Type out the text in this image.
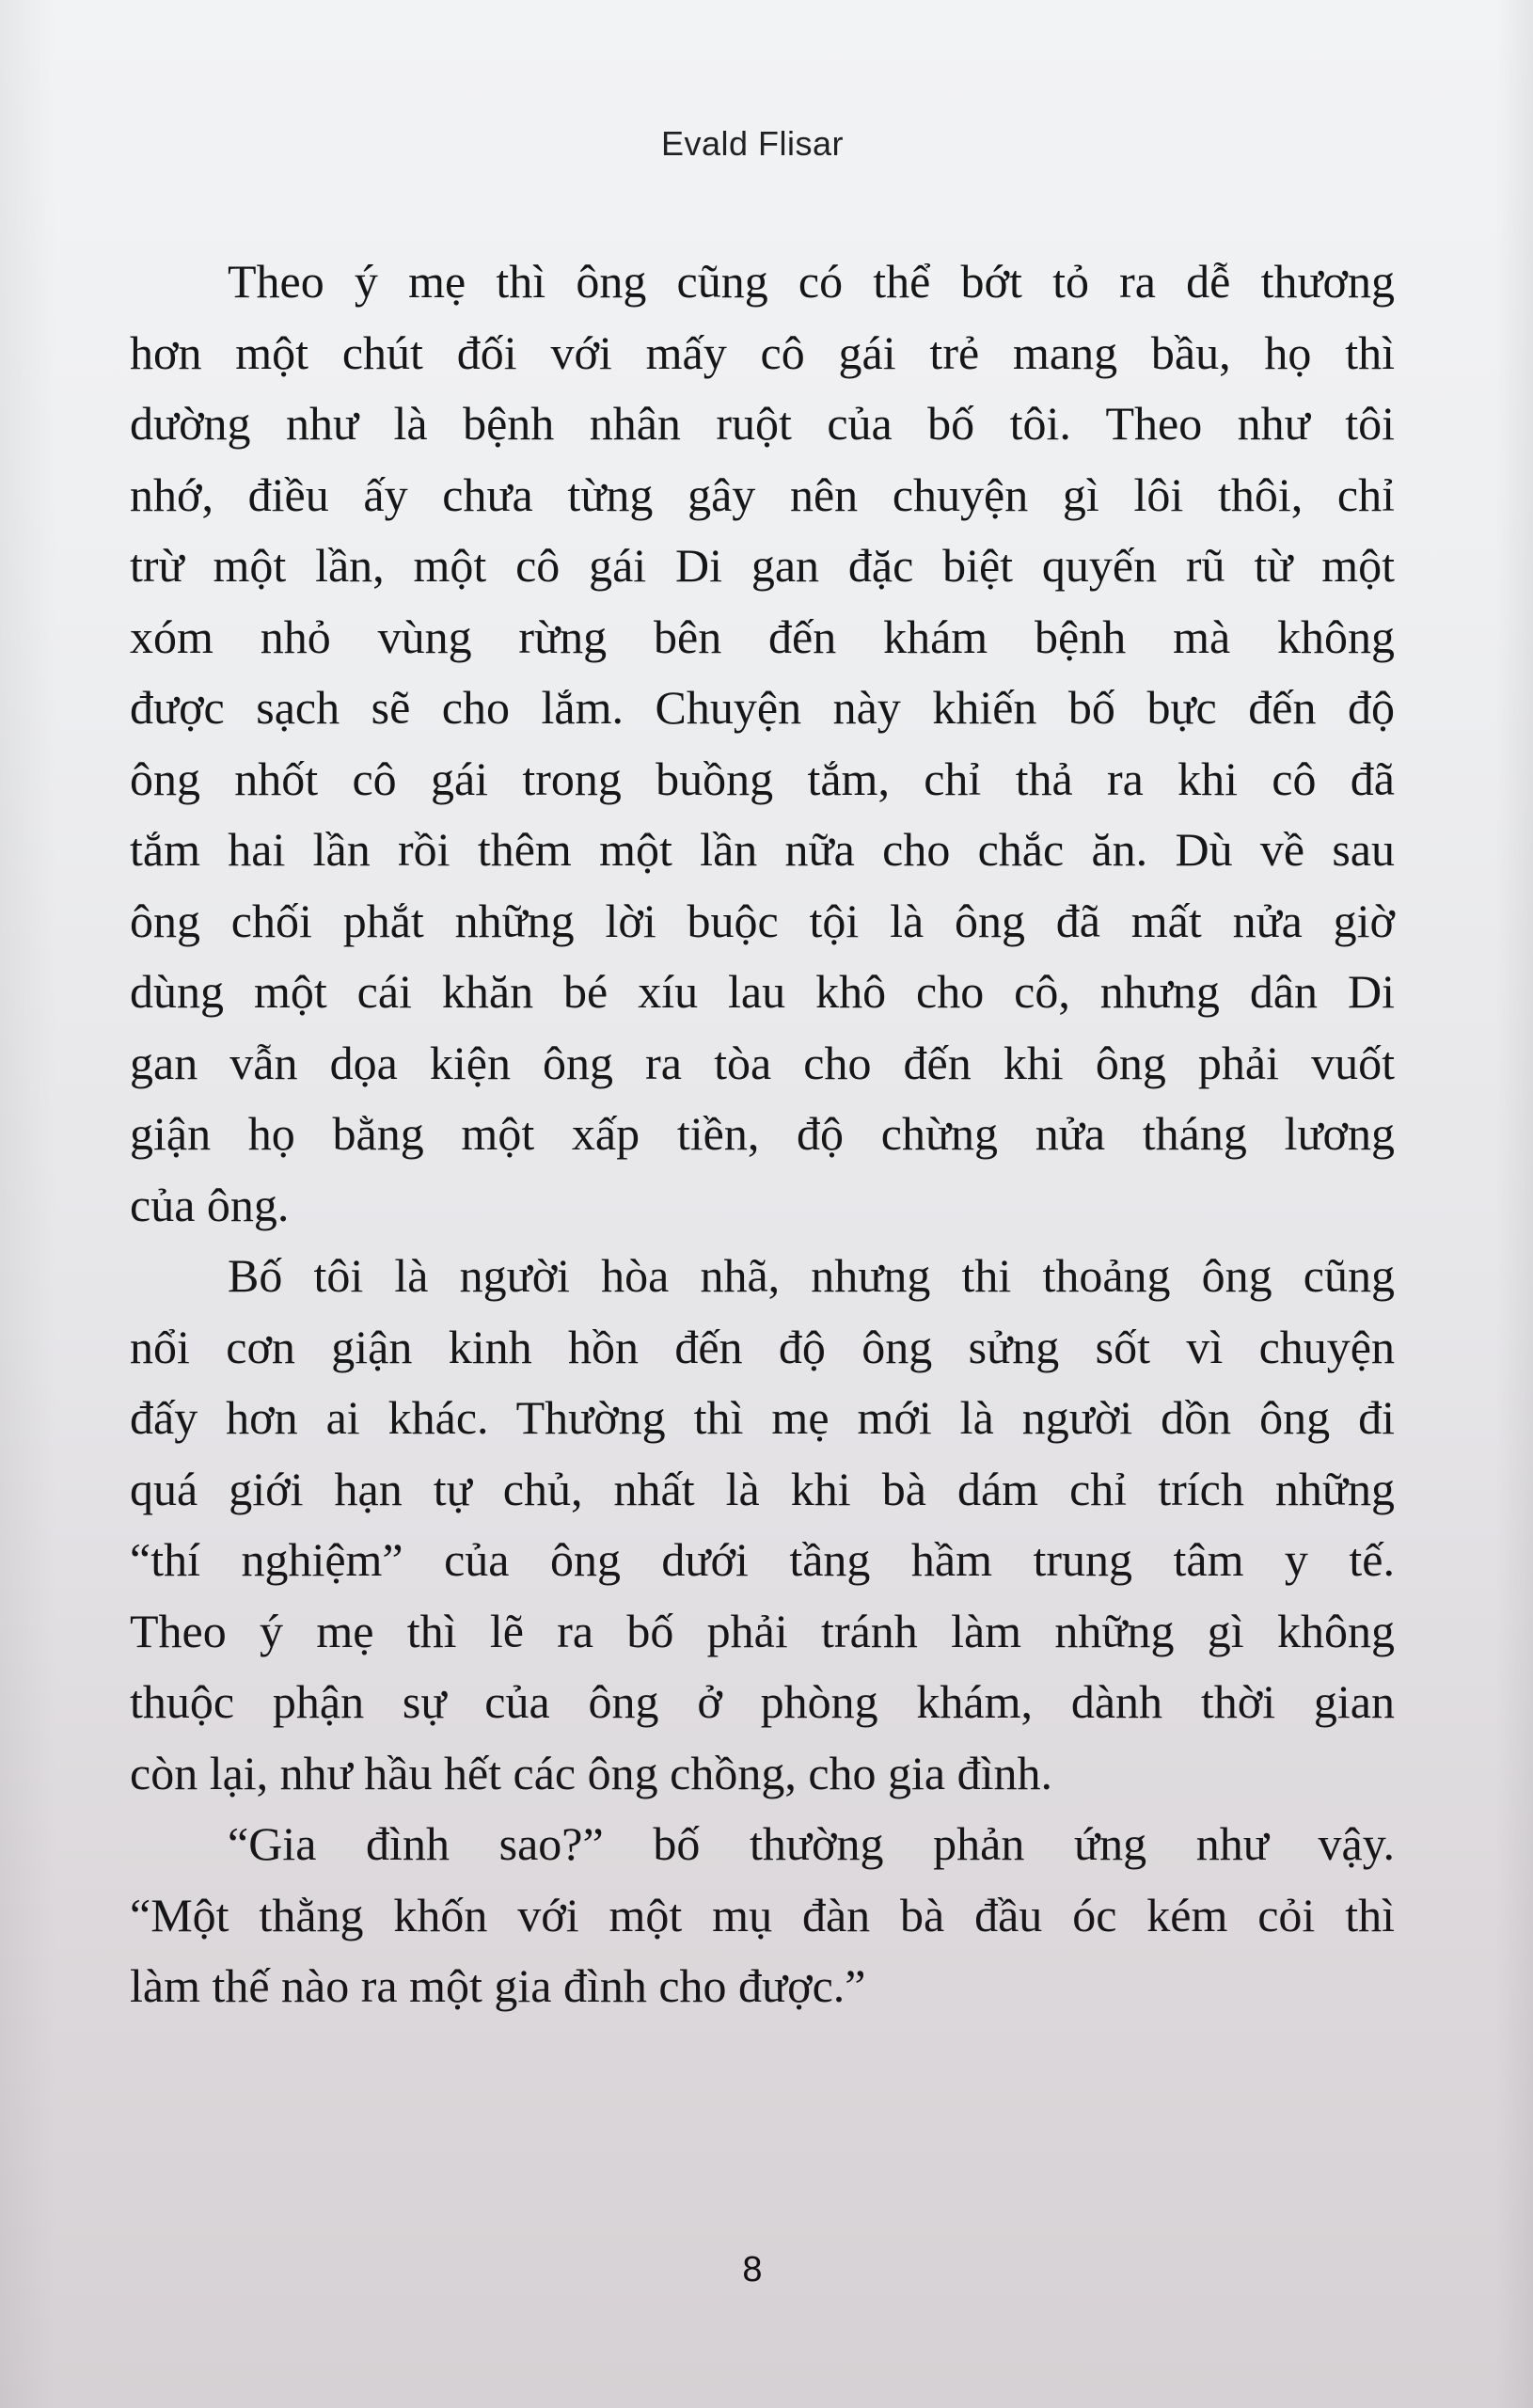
Evald Flisar
Theo ý mẹ thì ông cũng có thể bớt tỏ ra dễ thương
hơn một chút đối với mấy cô gái trẻ mang bầu, họ thì
dường như là bệnh nhân ruột của bố tôi. Theo như tôi
nhớ, điều ấy chưa từng gây nên chuyện gì lôi thôi, chỉ
trừ một lần, một cô gái Di gan đặc biệt quyến rũ từ một
xóm nhỏ vùng rừng bên đến khám bệnh mà không
được sạch sẽ cho lắm. Chuyện này khiến bố bực đến độ
ông nhốt cô gái trong buồng tắm, chỉ thả ra khi cô đã
tắm hai lần rồi thêm một lần nữa cho chắc ăn. Dù về sau
ông chối phắt những lời buộc tội là ông đã mất nửa giờ
dùng một cái khăn bé xíu lau khô cho cô, nhưng dân Di
gan vẫn dọa kiện ông ra tòa cho đến khi ông phải vuốt
giận họ bằng một xấp tiền, độ chừng nửa tháng lương
của ông.
Bố tôi là người hòa nhã, nhưng thi thoảng ông cũng
nổi cơn giận kinh hồn đến độ ông sửng sốt vì chuyện
đấy hơn ai khác. Thường thì mẹ mới là người dồn ông đi
quá giới hạn tự chủ, nhất là khi bà dám chỉ trích những
“thí nghiệm” của ông dưới tầng hầm trung tâm y tế.
Theo ý mẹ thì lẽ ra bố phải tránh làm những gì không
thuộc phận sự của ông ở phòng khám, dành thời gian
còn lại, như hầu hết các ông chồng, cho gia đình.
“Gia đình sao?” bố thường phản ứng như vậy.
“Một thằng khốn với một mụ đàn bà đầu óc kém cỏi thì
làm thế nào ra một gia đình cho được.”
8
